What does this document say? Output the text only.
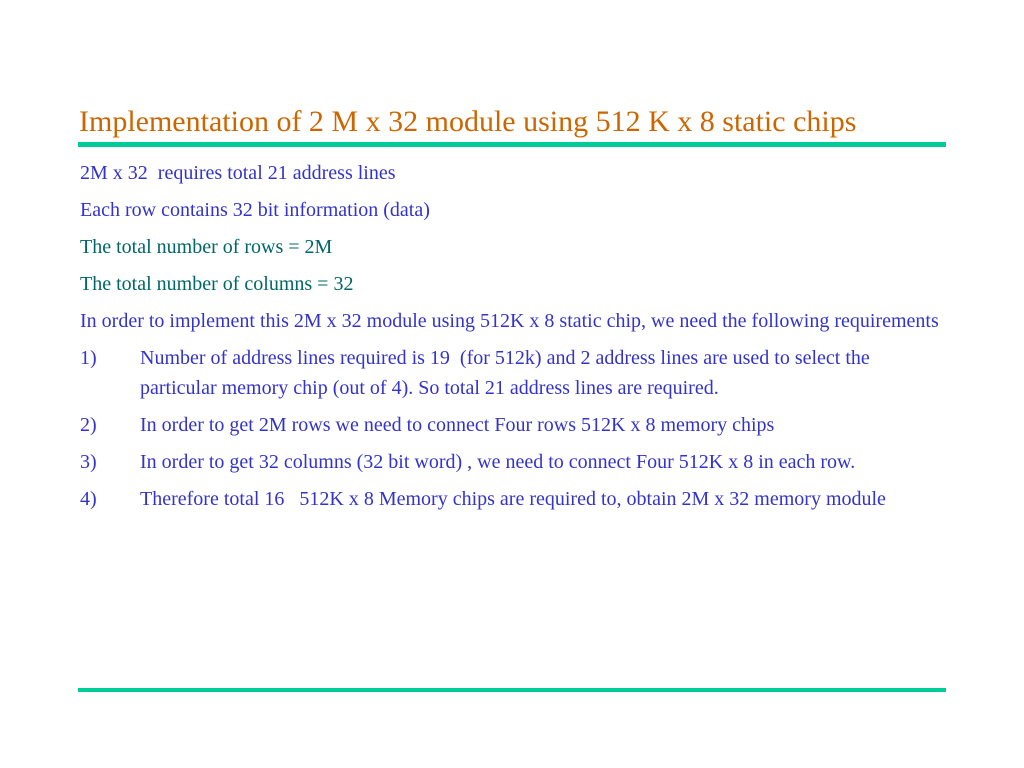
Implementation of 2 M x 32 module using 512 K x 8 static chips

2M x 32  requires total 21 address lines

Each row contains 32 bit information (data)

The total number of rows = 2M

The total number of columns = 32

In order to implement this 2M x 32 module using 512K x 8 static chip, we need the following requirements

1)	Number of address lines required is 19  (for 512k) and 2 address lines are used to select the particular memory chip (out of 4). So total 21 address lines are required.
2)	In order to get 2M rows we need to connect Four rows 512K x 8 memory chips
3)	In order to get 32 columns (32 bit word) , we need to connect Four 512K x 8 in each row.
4)	Therefore total 16   512K x 8 Memory chips are required to, obtain 2M x 32 memory module
